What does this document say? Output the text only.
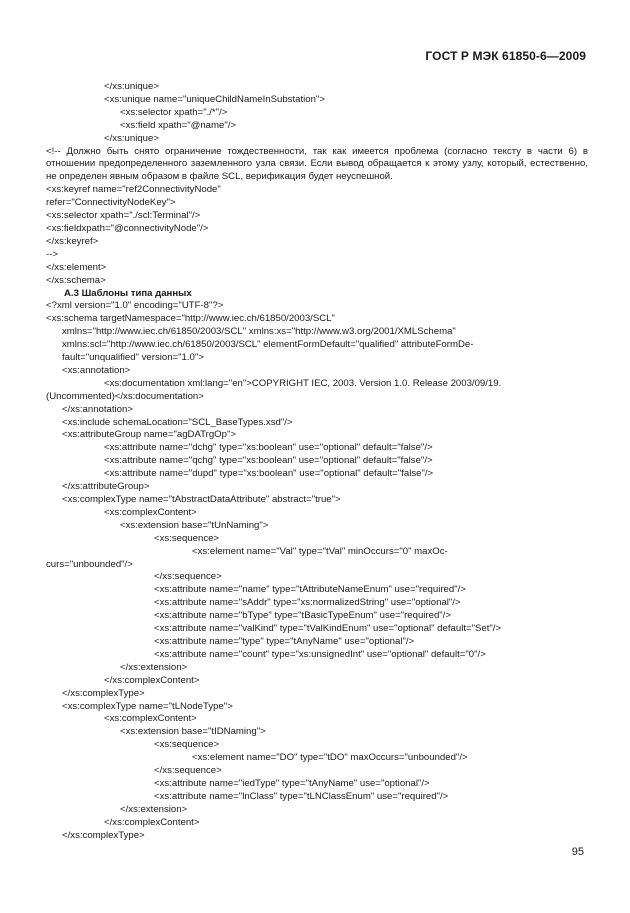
ГОСТ Р МЭК 61850-6—2009
</xs:unique>
<xs:unique name="uniqueChildNameInSubstation">
<xs:selector xpath="./*"/>
<xs:field xpath="@name"/>
</xs:unique>
<!-- Должно быть снято ограничение тождественности, так как имеется проблема (согласно тексту в части 6) в отношении предопределенного заземленного узла связи. Если вывод обращается к этому узлу, который, естественно, не определен явным образом в файле SCL, верификация будет неуспешной.
<xs:keyref name="ref2ConnectivityNode"
refer="ConnectivityNodeKey">
<xs:selector xpath="./scl:Terminal"/>
<xs:fieldxpath="@connectivityNode"/>
</xs:keyref>
-->
</xs:element>
</xs:schema>
А.3 Шаблоны типа данных
<?xml version="1.0" encoding="UTF-8"?>
<xs:schema targetNamespace="http://www.iec.ch/61850/2003/SCL"
xmlns="http://www.iec.ch/61850/2003/SCL" xmlns:xs="http://www.w3.org/2001/XMLSchema"
xmlns:scl="http://www.iec.ch/61850/2003/SCL" elementFormDefault="qualified" attributeFormDe-
fault="unqualified" version="1.0">
<xs:annotation>
<xs:documentation xml:lang="en">COPYRIGHT IEC, 2003. Version 1.0. Release 2003/09/19.
(Uncommented)</xs:documentation>
</xs:annotation>
<xs:include schemaLocation="SCL_BaseTypes.xsd"/>
<xs:attributeGroup name="agDATrgOp">
<xs:attribute name="dchg" type="xs:boolean" use="optional" default="false"/>
<xs:attribute name="qchg" type="xs:boolean" use="optional" default="false"/>
<xs:attribute name="dupd" type="xs:boolean" use="optional" default="false"/>
</xs:attributeGroup>
<xs:complexType name="tAbstractDataAttribute" abstract="true">
<xs:complexContent>
<xs:extension base="tUnNaming">
<xs:sequence>
<xs:element name="Val" type="tVal" minOccurs="0" maxOc-
curs="unbounded"/>
</xs:sequence>
<xs:attribute name="name" type="tAttributeNameEnum" use="required"/>
<xs:attribute name="sAddr" type="xs:normalizedString" use="optional"/>
<xs:attribute name="bType" type="tBasicTypeEnum" use="required"/>
<xs:attribute name="valKind" type="tValKindEnum" use="optional" default="Set"/>
<xs:attribute name="type" type="tAnyName" use="optional"/>
<xs:attribute name="count" type="xs:unsignedInt" use="optional" default="0"/>
</xs:extension>
</xs:complexContent>
</xs:complexType>
<xs:complexType name="tLNodeType">
<xs:complexContent>
<xs:extension base="tIDNaming">
<xs:sequence>
<xs:element name="DO" type="tDO" maxOccurs="unbounded"/>
</xs:sequence>
<xs:attribute name="iedType" type="tAnyName" use="optional"/>
<xs:attribute name="lnClass" type="tLNClassEnum" use="required"/>
</xs:extension>
</xs:complexContent>
</xs:complexType>
95
